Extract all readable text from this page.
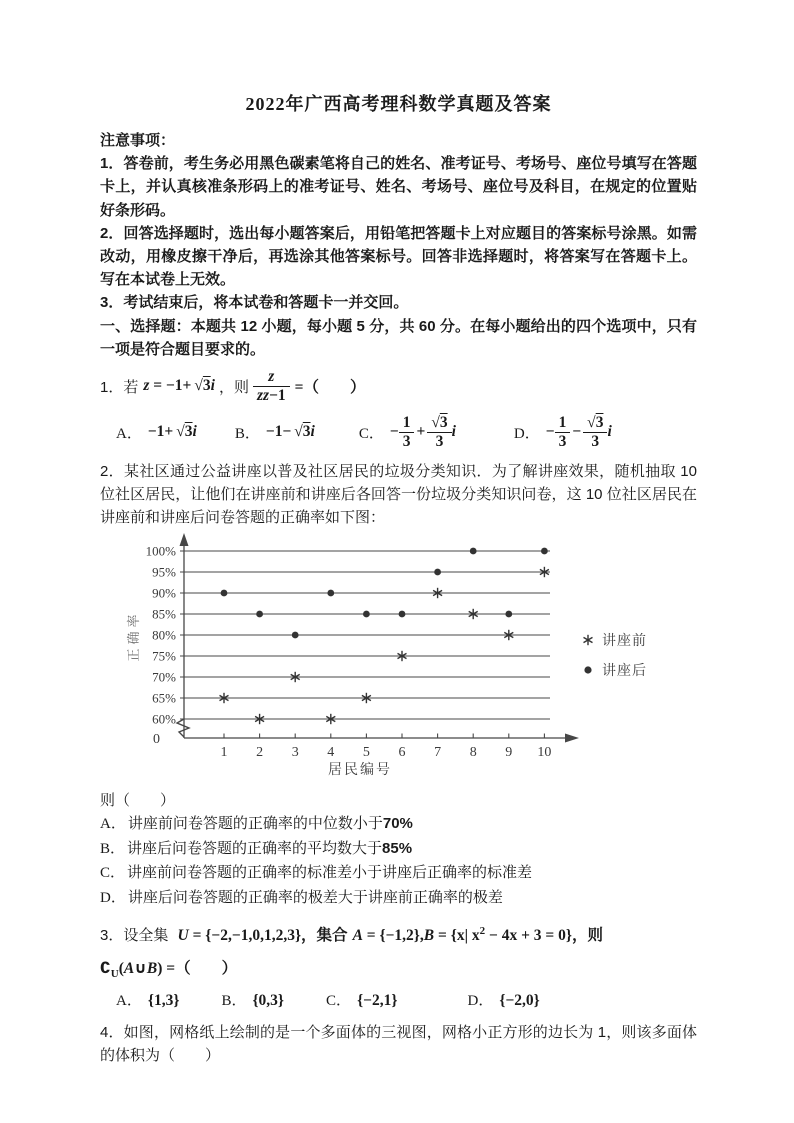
2022年广西高考理科数学真题及答案

注意事项：

1．答卷前，考生务必用黑色碳素笔将自己的姓名、准考证号、考场号、座位号填写在答题卡上，并认真核准条形码上的准考证号、姓名、考场号、座位号及科目，在规定的位置贴好条形码。

2．回答选择题时，选出每小题答案后，用铅笔把答题卡上对应题目的答案标号涂黑。如需改动，用橡皮擦干净后，再选涂其他答案标号。回答非选择题时，将答案写在答题卡上。写在本试卷上无效。

3．考试结束后，将本试卷和答题卡一并交回。

一、选择题：本题共 12 小题，每小题 5 分，共 60 分。在每小题给出的四个选项中，只有一项是符合题目要求的。

1．若 z = −1+ √3i ，则 $\frac{z}{z\overline{z}-1}$ =（　　）
A． −1+ √3i	B． −1− √3i	C． − $\frac{1}{3} + \frac{√3}{3}$ i	D． − $\frac{1}{3} - \frac{√3}{3}$ i

2．某社区通过公益讲座以普及社区居民的垃圾分类知识．为了解讲座效果，随机抽取 10 位社区居民，让他们在讲座前和讲座后各回答一份垃圾分类知识问卷，这 10 位社区居民在讲座前和讲座后问卷答题的正确率如下图：

100%
95%
90%
85%
80%
75%
70%
65%
60%
0
1 2 3 4 5 6 7 8 9 10
居民编号
正确率	讲座前
讲座后

则（　　）

A． 讲座前问卷答题的正确率的中位数小于70%

B． 讲座后问卷答题的正确率的平均数大于85%

C． 讲座前问卷答题的正确率的标准差小于讲座后正确率的标准差

D． 讲座后问卷答题的正确率的极差大于讲座前正确率的极差

3．设全集 U = {−2,−1,0,1,2,3}，集合 A = {−1,2},B = {x| $x^2 - 4x + 3 = 0$}，则

$∁_U(A\cup B)$ =（　　）

A． {1,3}	B． {0,3}	C． {−2,1}	D． {−2,0}

4．如图，网格纸上绘制的是一个多面体的三视图，网格小正方形的边长为 1，则该多面体的体积为（　　）
